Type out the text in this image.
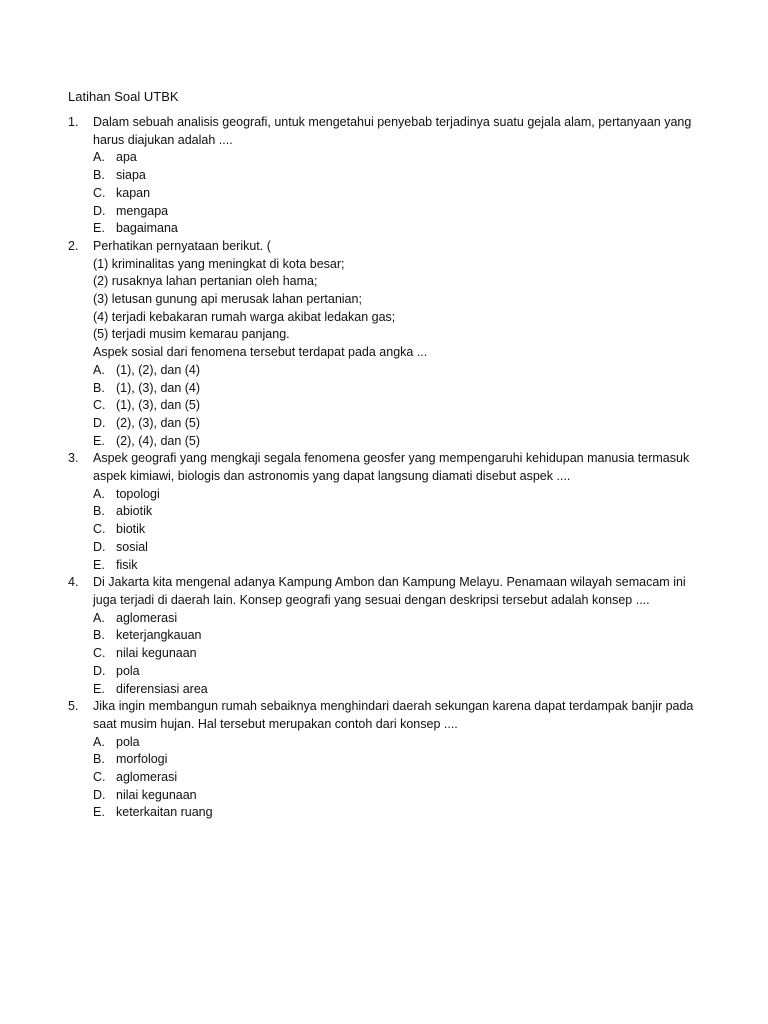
Latihan Soal UTBK
1. Dalam sebuah analisis geografi, untuk mengetahui penyebab terjadinya suatu gejala alam, pertanyaan yang
harus diajukan adalah ....
A. apa
B. siapa
C. kapan
D. mengapa
E. bagaimana
2. Perhatikan pernyataan berikut. (
(1) kriminalitas yang meningkat di kota besar;
(2) rusaknya lahan pertanian oleh hama;
(3) letusan gunung api merusak lahan pertanian;
(4) terjadi kebakaran rumah warga akibat ledakan gas;
(5) terjadi musim kemarau panjang.
Aspek sosial dari fenomena tersebut terdapat pada angka ...
A. (1), (2), dan (4)
B. (1), (3), dan (4)
C. (1), (3), dan (5)
D. (2), (3), dan (5)
E. (2), (4), dan (5)
3. Aspek geografi yang mengkaji segala fenomena geosfer yang mempengaruhi kehidupan manusia termasuk
aspek kimiawi, biologis dan astronomis yang dapat langsung diamati disebut aspek ....
A. topologi
B. abiotik
C. biotik
D. sosial
E. fisik
4. Di Jakarta kita mengenal adanya Kampung Ambon dan Kampung Melayu. Penamaan wilayah semacam ini
juga terjadi di daerah lain. Konsep geografi yang sesuai dengan deskripsi tersebut adalah konsep ....
A. aglomerasi
B. keterjangkauan
C. nilai kegunaan
D. pola
E. diferensiasi area
5. Jika ingin membangun rumah sebaiknya menghindari daerah sekungan karena dapat terdampak banjir pada
saat musim hujan. Hal tersebut merupakan contoh dari konsep ....
A. pola
B. morfologi
C. aglomerasi
D. nilai kegunaan
E. keterkaitan ruang
